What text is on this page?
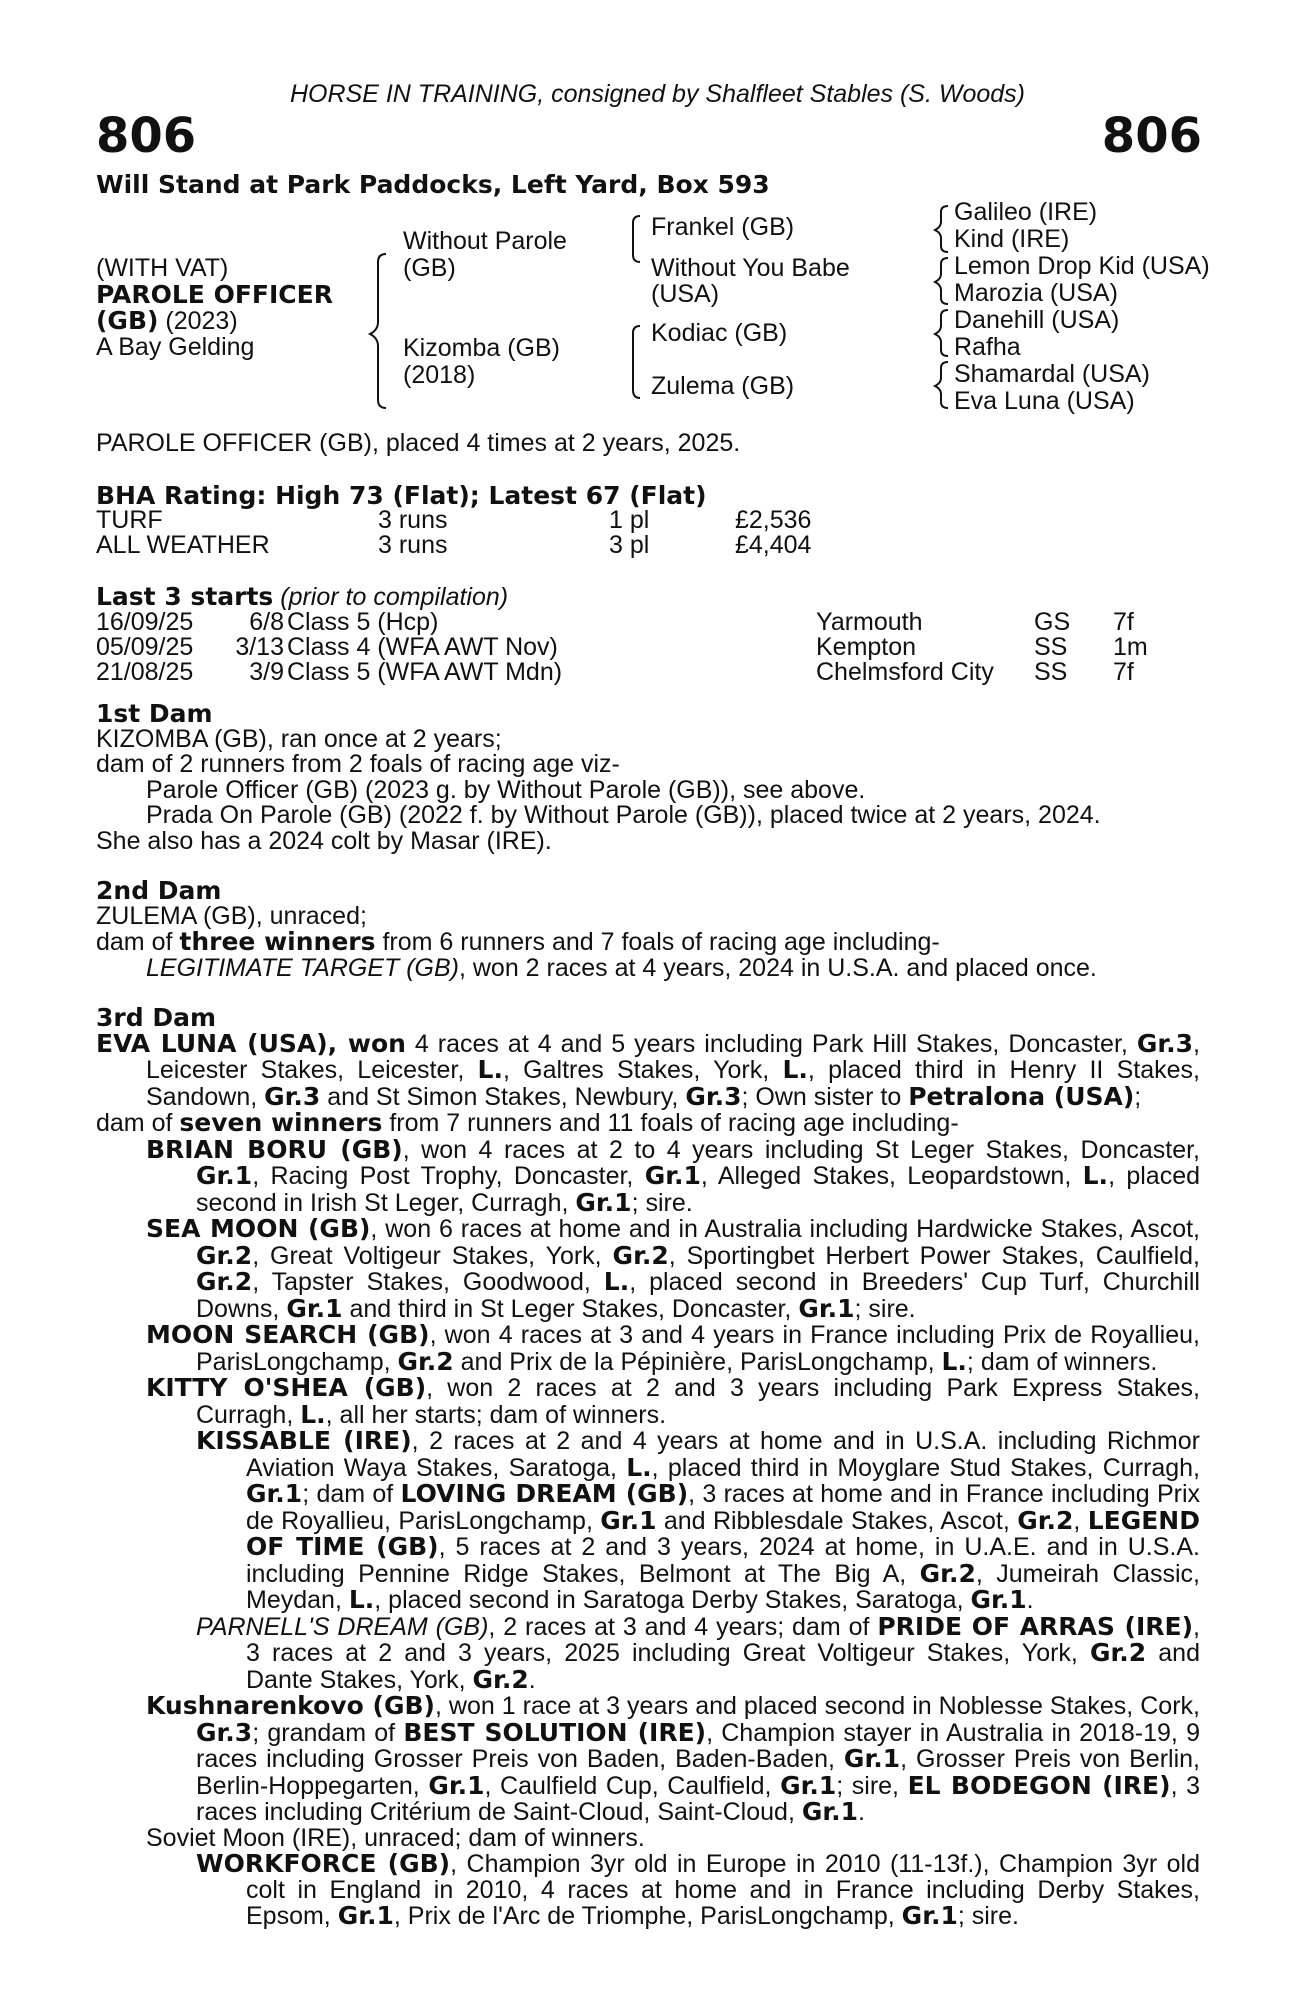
HORSE IN TRAINING, consigned by Shalfleet Stables (S. Woods)
806	806
Will Stand at Park Paddocks, Left Yard, Box 593
(WITH VAT)
PAROLE OFFICER
(GB) (2023)
A Bay Gelding
Without Parole
(GB)
Kizomba (GB)
(2018)
Frankel (GB)
Without You Babe
(USA)
Kodiac (GB)
Zulema (GB)
Galileo (IRE)
Kind (IRE)
Lemon Drop Kid (USA)
Marozia (USA)
Danehill (USA)
Rafha
Shamardal (USA)
Eva Luna (USA)
PAROLE OFFICER (GB), placed 4 times at 2 years, 2025.
BHA Rating: High 73 (Flat); Latest 67 (Flat)
TURF	3 runs	1 pl	£2,536
ALL WEATHER	3 runs	3 pl	£4,404
Last 3 starts (prior to compilation)
16/09/25	6/8 Class 5 (Hcp)	Yarmouth	GS 7f
05/09/25	3/13 Class 4 (WFA AWT Nov)	Kempton	SS 1m
21/08/25	3/9 Class 5 (WFA AWT Mdn)	Chelmsford City SS 7f

1st Dam

KIZOMBA (GB), ran once at 2 years;

dam of 2 runners from 2 foals of racing age viz-

Parole Officer (GB) (2023 g. by Without Parole (GB)), see above.

Prada On Parole (GB) (2022 f. by Without Parole (GB)), placed twice at 2 years, 2024.

She also has a 2024 colt by Masar (IRE).

2nd Dam

ZULEMA (GB), unraced;

dam of three winners from 6 runners and 7 foals of racing age including-

LEGITIMATE TARGET (GB), won 2 races at 4 years, 2024 in U.S.A. and placed once.

3rd Dam

EVA LUNA (USA), won 4 races at 4 and 5 years including Park Hill Stakes, Doncaster, Gr.3, Leicester Stakes, Leicester, L., Galtres Stakes, York, L., placed third in Henry II Stakes, Sandown, Gr.3 and St Simon Stakes, Newbury, Gr.3; Own sister to Petralona (USA);

dam of seven winners from 7 runners and 11 foals of racing age including-

BRIAN BORU (GB), won 4 races at 2 to 4 years including St Leger Stakes, Doncaster, Gr.1, Racing Post Trophy, Doncaster, Gr.1, Alleged Stakes, Leopardstown, L., placed second in Irish St Leger, Curragh, Gr.1; sire.

SEA MOON (GB), won 6 races at home and in Australia including Hardwicke Stakes, Ascot, Gr.2, Great Voltigeur Stakes, York, Gr.2, Sportingbet Herbert Power Stakes, Caulfield, Gr.2, Tapster Stakes, Goodwood, L., placed second in Breeders' Cup Turf, Churchill Downs, Gr.1 and third in St Leger Stakes, Doncaster, Gr.1; sire.

MOON SEARCH (GB), won 4 races at 3 and 4 years in France including Prix de Royallieu, ParisLongchamp, Gr.2 and Prix de la Pépinière, ParisLongchamp, L.; dam of winners.

KITTY O'SHEA (GB), won 2 races at 2 and 3 years including Park Express Stakes, Curragh, L., all her starts; dam of winners.

KISSABLE (IRE), 2 races at 2 and 4 years at home and in U.S.A. including Richmor Aviation Waya Stakes, Saratoga, L., placed third in Moyglare Stud Stakes, Curragh, Gr.1; dam of LOVING DREAM (GB), 3 races at home and in France including Prix de Royallieu, ParisLongchamp, Gr.1 and Ribblesdale Stakes, Ascot, Gr.2, LEGEND OF TIME (GB), 5 races at 2 and 3 years, 2024 at home, in U.A.E. and in U.S.A. including Pennine Ridge Stakes, Belmont at The Big A, Gr.2, Jumeirah Classic, Meydan, L., placed second in Saratoga Derby Stakes, Saratoga, Gr.1.

PARNELL'S DREAM (GB), 2 races at 3 and 4 years; dam of PRIDE OF ARRAS (IRE), 3 races at 2 and 3 years, 2025 including Great Voltigeur Stakes, York, Gr.2 and Dante Stakes, York, Gr.2.

Kushnarenkovo (GB), won 1 race at 3 years and placed second in Noblesse Stakes, Cork, Gr.3; grandam of BEST SOLUTION (IRE), Champion stayer in Australia in 2018-19, 9 races including Grosser Preis von Baden, Baden-Baden, Gr.1, Grosser Preis von Berlin, Berlin-Hoppegarten, Gr.1, Caulfield Cup, Caulfield, Gr.1; sire, EL BODEGON (IRE), 3 races including Critérium de Saint-Cloud, Saint-Cloud, Gr.1.

Soviet Moon (IRE), unraced; dam of winners.

WORKFORCE (GB), Champion 3yr old in Europe in 2010 (11-13f.), Champion 3yr old colt in England in 2010, 4 races at home and in France including Derby Stakes, Epsom, Gr.1, Prix de l'Arc de Triomphe, ParisLongchamp, Gr.1; sire.
